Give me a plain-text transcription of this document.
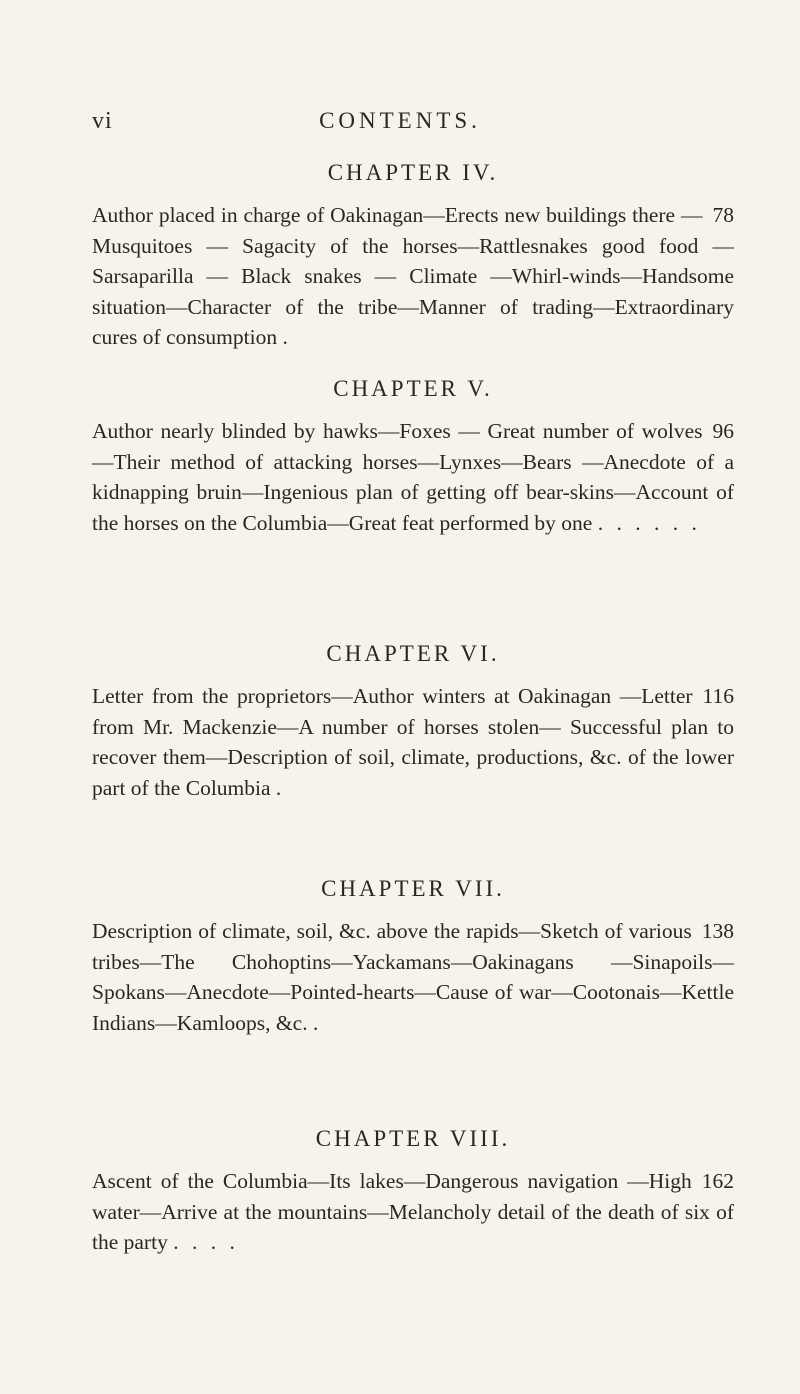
vi	CONTENTS.
CHAPTER IV.

78
Author placed in charge of Oakinagan—Erects new buildings there — Musquitoes — Sagacity of the horses—Rattlesnakes good food — Sarsaparilla — Black snakes — Climate —Whirl-winds—Handsome situation—Character of the tribe—Manner of trading—Extraordinary cures of consumption .

CHAPTER V.

96
Author nearly blinded by hawks—Foxes — Great number of wolves—Their method of attacking horses—Lynxes—Bears —Anecdote of a kidnapping bruin—Ingenious plan of getting off bear-skins—Account of the horses on the Columbia—Great feat performed by one . . . . . .

CHAPTER VI.

116
Letter from the proprietors—Author winters at Oakinagan —Letter from Mr. Mackenzie—A number of horses stolen— Successful plan to recover them—Description of soil, climate, productions, &c. of the lower part of the Columbia .

CHAPTER VII.

138
Description of climate, soil, &c. above the rapids—Sketch of various tribes—The Chohoptins—Yackamans—Oakinagans —Sinapoils—Spokans—Anecdote—Pointed-hearts—Cause of war—Cootonais—Kettle Indians—Kamloops, &c. .

CHAPTER VIII.

162
Ascent of the Columbia—Its lakes—Dangerous navigation —High water—Arrive at the mountains—Melancholy detail of the death of six of the party . . . .
